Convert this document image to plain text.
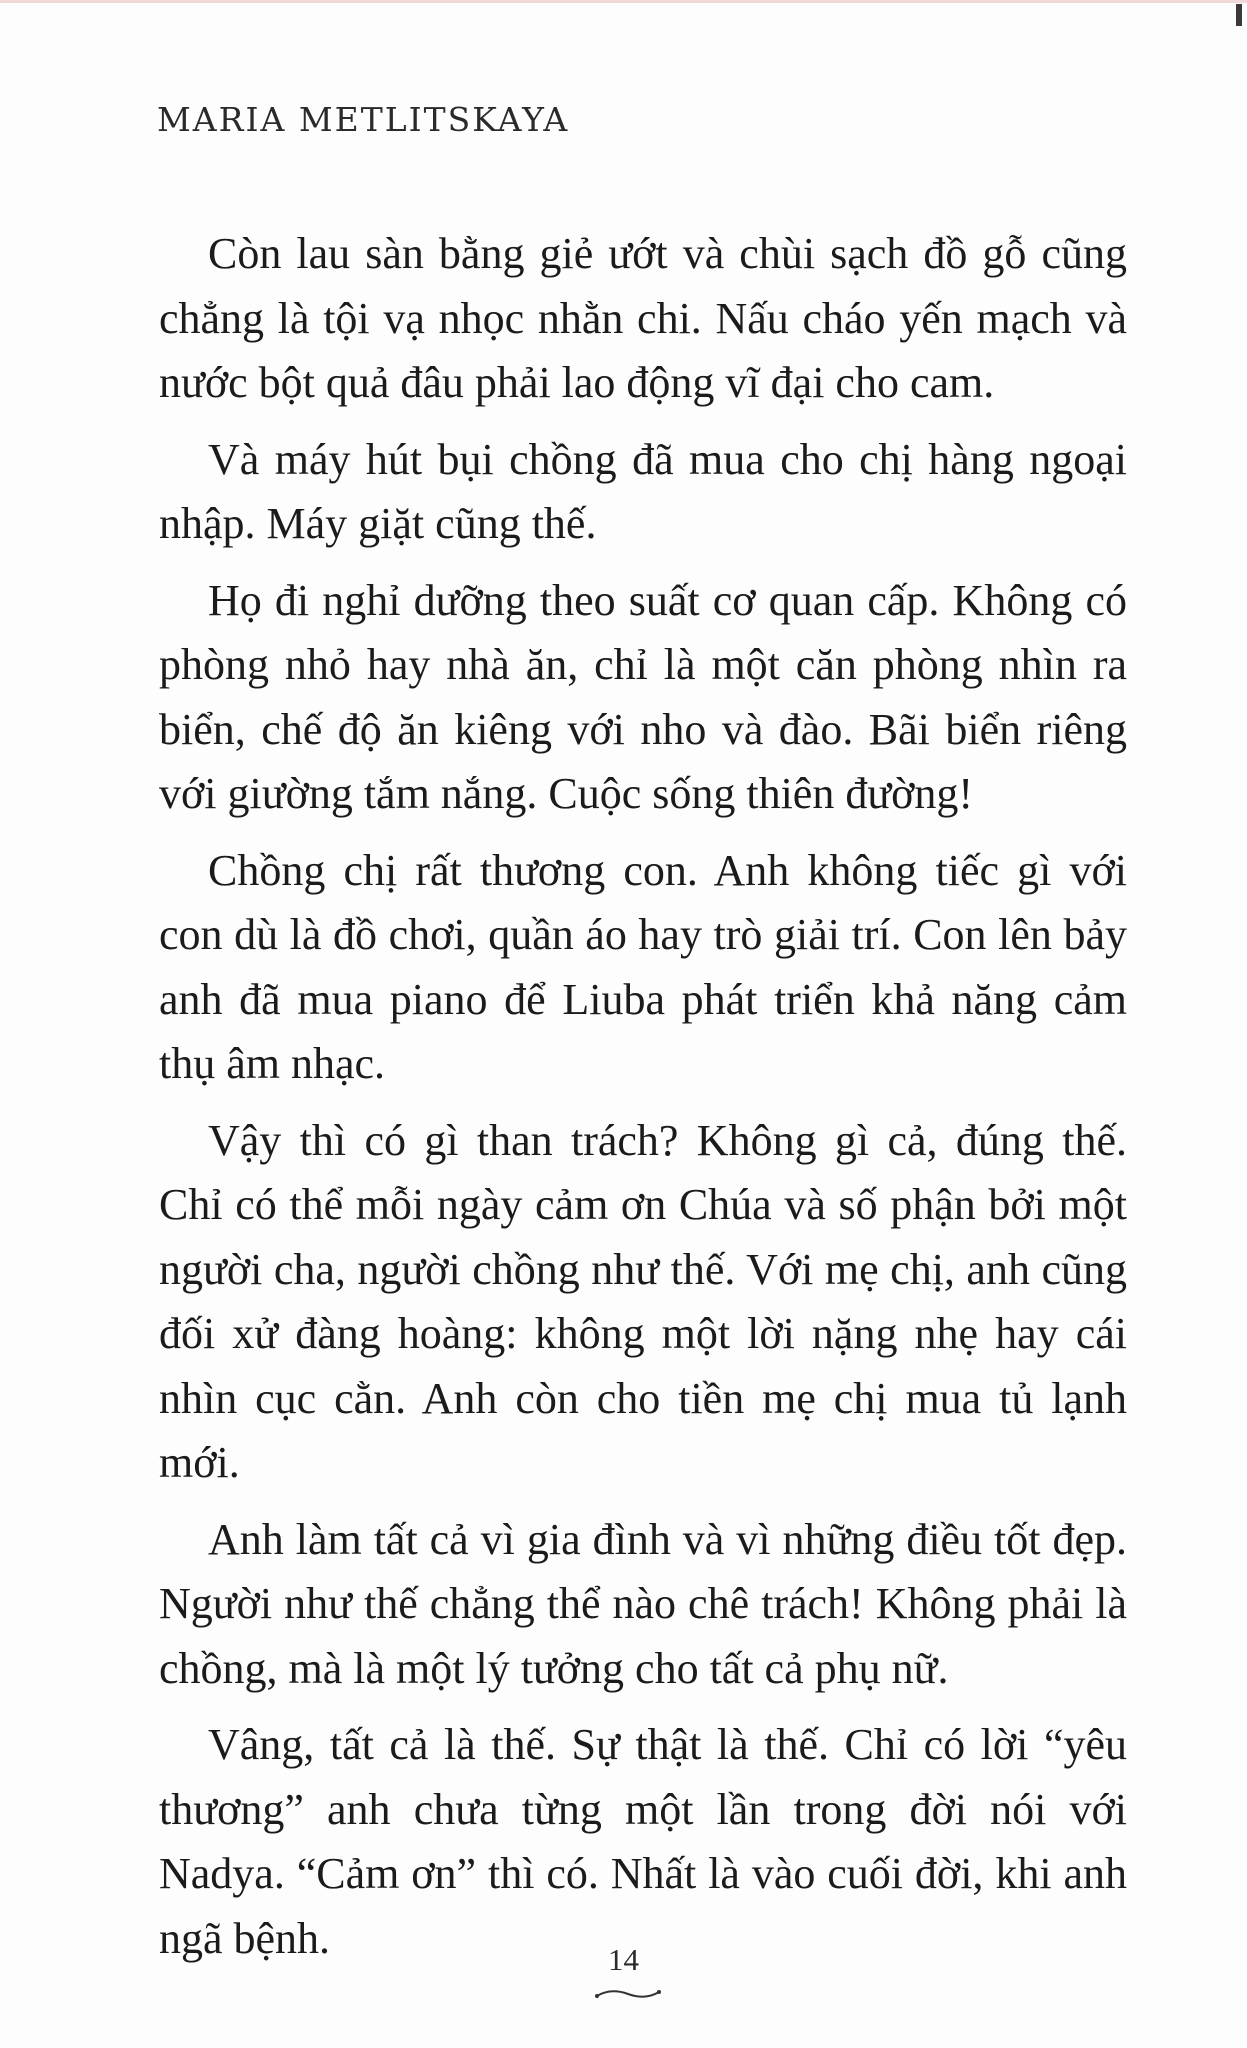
MARIA METLITSKAYA

Còn lau sàn bằng giẻ ướt và chùi sạch đồ gỗ cũng chẳng là tội vạ nhọc nhằn chi. Nấu cháo yến mạch và nước bột quả đâu phải lao động vĩ đại cho cam.

Và máy hút bụi chồng đã mua cho chị hàng ngoại nhập. Máy giặt cũng thế.

Họ đi nghỉ dưỡng theo suất cơ quan cấp. Không có phòng nhỏ hay nhà ăn, chỉ là một căn phòng nhìn ra biển, chế độ ăn kiêng với nho và đào. Bãi biển riêng với giường tắm nắng. Cuộc sống thiên đường!

Chồng chị rất thương con. Anh không tiếc gì với con dù là đồ chơi, quần áo hay trò giải trí. Con lên bảy anh đã mua piano để Liuba phát triển khả năng cảm thụ âm nhạc.

Vậy thì có gì than trách? Không gì cả, đúng thế. Chỉ có thể mỗi ngày cảm ơn Chúa và số phận bởi một người cha, người chồng như thế. Với mẹ chị, anh cũng đối xử đàng hoàng: không một lời nặng nhẹ hay cái nhìn cục cằn. Anh còn cho tiền mẹ chị mua tủ lạnh mới.

Anh làm tất cả vì gia đình và vì những điều tốt đẹp. Người như thế chẳng thể nào chê trách! Không phải là chồng, mà là một lý tưởng cho tất cả phụ nữ.

Vâng, tất cả là thế. Sự thật là thế. Chỉ có lời “yêu thương” anh chưa từng một lần trong đời nói với Nadya. “Cảm ơn” thì có. Nhất là vào cuối đời, khi anh ngã bệnh.	14
